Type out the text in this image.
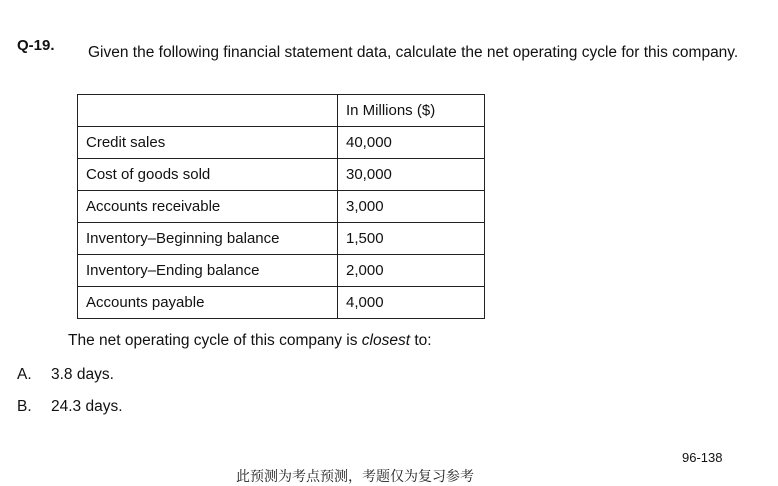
Q-19. Given the following financial statement data, calculate the net operating cycle for this company.
	In Millions ($)
Credit sales	40,000
Cost of goods sold	30,000
Accounts receivable	3,000
Inventory–Beginning balance	1,500
Inventory–Ending balance	2,000
Accounts payable	4,000
The net operating cycle of this company is closest to:
A. 3.8 days.
B. 24.3 days.
96-138
此预测为考点预测，考题仅为复习参考
